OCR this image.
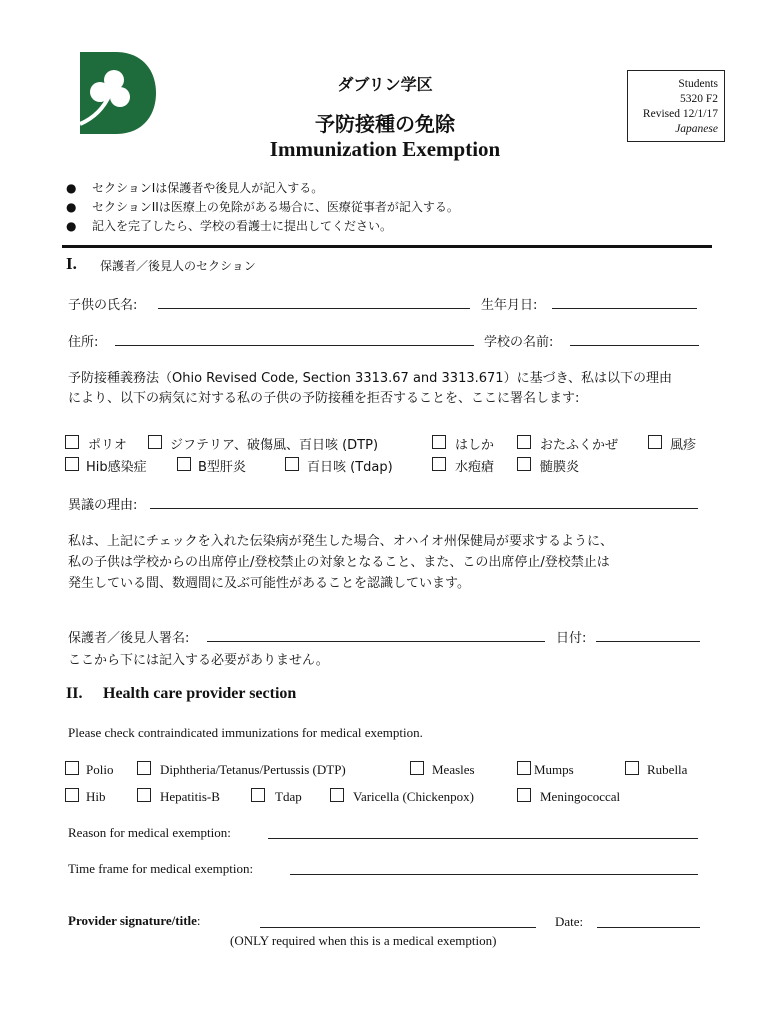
ダブリン学区
予防接種の免除
Immunization Exemption
Students
5320 F2
Revised 12/1/17
Japanese
● セクションIは保護者や後見人が記入する。
● セクションIIは医療上の免除がある場合に、医療従事者が記入する。
● 記入を完了したら、学校の看護士に提出してください。
I. 保護者／後見人のセクション
子供の氏名:	生年月日:
住所:	学校の名前:
予防接種義務法（Ohio Revised Code, Section 3313.67 and 3313.671）に基づき、私は以下の理由
により、以下の病気に対する私の子供の予防接種を拒否することを、ここに署名します:
ポリオ	ジフテリア、破傷風、百日咳 (DTP)	はしか	おたふくかぜ	風疹
Hib感染症	B型肝炎	百日咳 (Tdap)	水疱瘡	髄膜炎
異議の理由:
私は、上記にチェックを入れた伝染病が発生した場合、オハイオ州保健局が要求するように、
私の子供は学校からの出席停止/登校禁止の対象となること、また、この出席停止/登校禁止は
発生している間、数週間に及ぶ可能性があることを認識しています。
保護者／後見人署名:	日付:
ここから下には記入する必要がありません。
II. Health care provider section
Please check contraindicated immunizations for medical exemption.
Polio	Diphtheria/Tetanus/Pertussis (DTP)	Measles	Mumps	Rubella
Hib	Hepatitis-B	Tdap	Varicella (Chickenpox)	Meningococcal
Reason for medical exemption:
Time frame for medical exemption:
Provider signature/title:	Date:
(ONLY required when this is a medical exemption)
